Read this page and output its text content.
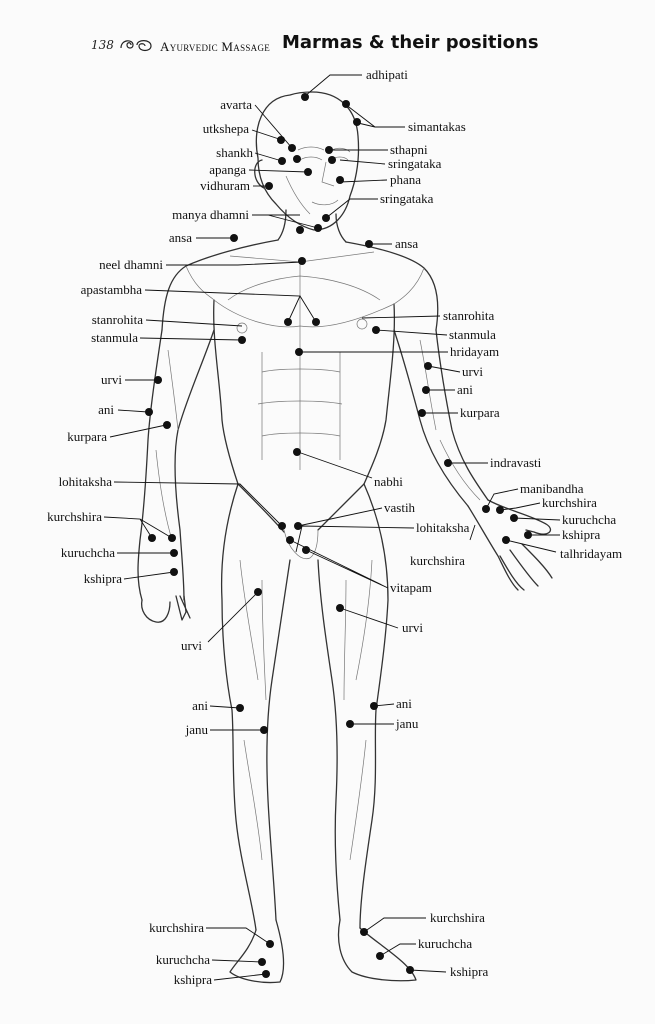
138	Ayurvedic Massage Marmas & their positions
adhipati
avarta
simantakas
utkshepa
sthapni
shankh
sringataka
apanga
phana
vidhuram
sringataka
manya dhamni
ansa	ansa
neel dhamni
apastambha
stanrohita
stanmula
stanrohita
stanmula
hridayam
urvi
urvi
ani
ani
kurpara
kurpara
indravasti
nabhi
lohitaksha	manibandha
vastih	kurchshira
kurchshira
lohitaksha
kuruchcha
kshipra
kurchshira	talhridayam
kuruchcha
kshipra
vitapam
urvi
urvi
ani	ani
janu	janu
kurchshira
kurchshira
kuruchcha
kuruchcha
kshipra
kshipra
